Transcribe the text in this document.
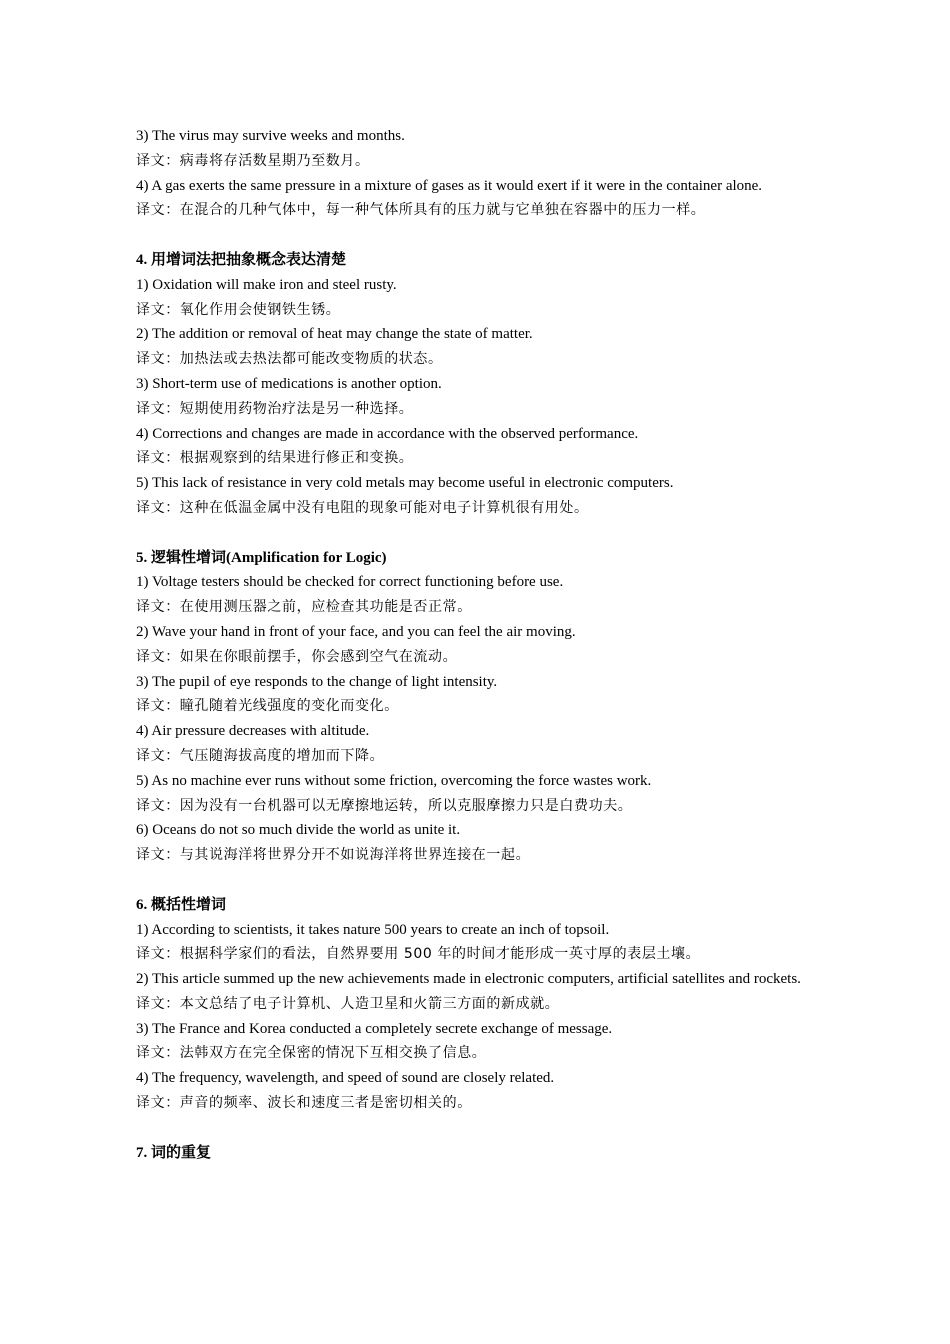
3) The virus may survive weeks and months.
译文：病毒将存活数星期乃至数月。
4) A gas exerts the same pressure in a mixture of gases as it would exert if it were in the container alone.
译文：在混合的几种气体中，每一种气体所具有的压力就与它单独在容器中的压力一样。
4. 用增词法把抽象概念表达清楚
1) Oxidation will make iron and steel rusty.
译文：氧化作用会使钢铁生锈。
2) The addition or removal of heat may change the state of matter.
译文：加热法或去热法都可能改变物质的状态。
3) Short-term use of medications is another option.
译文：短期使用药物治疗法是另一种选择。
4) Corrections and changes are made in accordance with the observed performance.
译文：根据观察到的结果进行修正和变换。
5) This lack of resistance in very cold metals may become useful in electronic computers.
译文：这种在低温金属中没有电阻的现象可能对电子计算机很有用处。
5. 逻辑性增词(Amplification for Logic)
1) Voltage testers should be checked for correct functioning before use.
译文：在使用测压器之前，应检查其功能是否正常。
2) Wave your hand in front of your face, and you can feel the air moving.
译文：如果在你眼前摆手，你会感到空气在流动。
3) The pupil of eye responds to the change of light intensity.
译文：瞳孔随着光线强度的变化而变化。
4) Air pressure decreases with altitude.
译文：气压随海拔高度的增加而下降。
5) As no machine ever runs without some friction, overcoming the force wastes work.
译文：因为没有一台机器可以无摩擦地运转，所以克服摩擦力只是白费功夫。
6) Oceans do not so much divide the world as unite it.
译文：与其说海洋将世界分开不如说海洋将世界连接在一起。
6. 概括性增词
1) According to scientists, it takes nature 500 years to create an inch of topsoil.
译文：根据科学家们的看法，自然界要用 500 年的时间才能形成一英寸厚的表层土壤。
2) This article summed up the new achievements made in electronic computers, artificial satellites and rockets.
译文：本文总结了电子计算机、人造卫星和火箭三方面的新成就。
3) The France and Korea conducted a completely secrete exchange of message.
译文：法韩双方在完全保密的情况下互相交换了信息。
4) The frequency, wavelength, and speed of sound are closely related.
译文：声音的频率、波长和速度三者是密切相关的。
7. 词的重复
